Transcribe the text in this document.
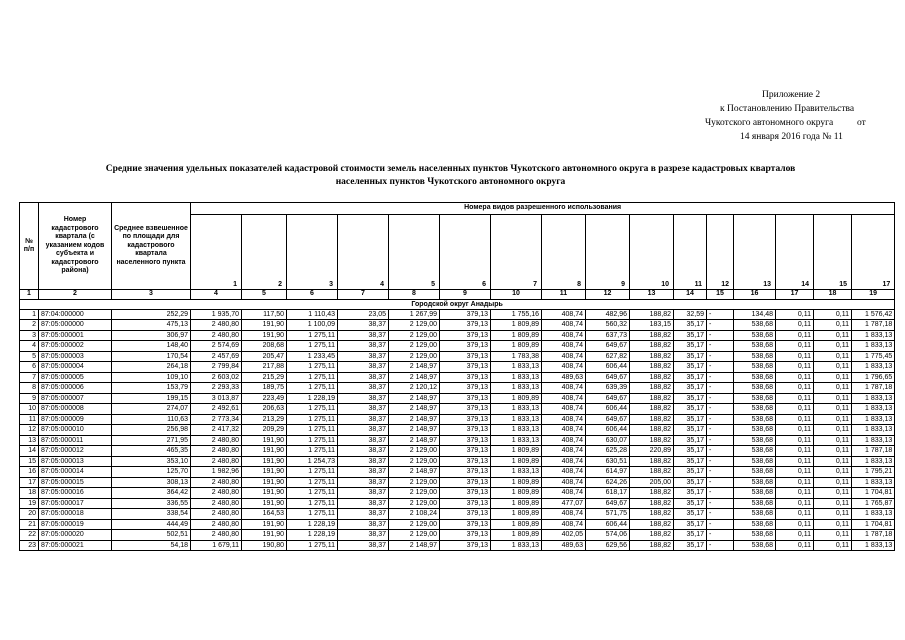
Приложение 2
к Постановлению Правительства
Чукотского автономного округа          от
14 января 2016 года № 11
Средние значения удельных показателей кадастровой стоимости земель населенных пунктов Чукотского автономного округа в разрезе кадастровых кварталов
населенных пунктов Чукотского автономного округа
№ п/п	Номер кадастрового квартала (с указанием кодов субъекта и кадастрового района)	Среднее взвешенное по площади для кадастрового квартала населенного пункта	Номера видов разрешенного использования															
			1	2	3	4	5	6	7	8	9	10	11	12	13	14	15	17
1	2	3	4	5	6	7	8	9	10	11	12	13	14	15	16	17	18	19
Городской округ Анадырь																		
1	87:04:000000	252,29	1 935,70	117,50	1 110,43	23,05	1 267,99	379,13	1 755,16	408,74	482,96	188,82	32,59	-	134,48	0,11	0,11	1 576,42
2	87:05:000000	475,13	2 480,80	191,90	1 100,09	38,37	2 129,00	379,13	1 809,89	408,74	560,32	183,15	35,17	-	538,68	0,11	0,11	1 787,18
3	87:05:000001	306,97	2 480,80	191,90	1 275,11	38,37	2 129,00	379,13	1 809,89	408,74	637,73	188,82	35,17	-	538,68	0,11	0,11	1 833,13
4	87:05:000002	148,40	2 574,69	208,68	1 275,11	38,37	2 129,00	379,13	1 809,89	408,74	649,67	188,82	35,17	-	538,68	0,11	0,11	1 833,13
5	87:05:000003	170,54	2 457,69	205,47	1 233,45	38,37	2 129,00	379,13	1 783,38	408,74	627,82	188,82	35,17	-	538,68	0,11	0,11	1 775,45
6	87:05:000004	264,18	2 799,84	217,88	1 275,11	38,37	2 148,97	379,13	1 833,13	408,74	606,44	188,82	35,17	-	538,68	0,11	0,11	1 833,13
7	87:05:000005	109,10	2 603,02	215,29	1 275,11	38,37	2 148,97	379,13	1 833,13	489,63	649,67	188,82	35,17	-	538,68	0,11	0,11	1 796,65
8	87:05:000006	153,79	2 293,33	189,75	1 275,11	38,37	2 120,12	379,13	1 833,13	408,74	639,39	188,82	35,17	-	538,68	0,11	0,11	1 787,18
9	87:05:000007	199,15	3 013,87	223,49	1 228,19	38,37	2 148,97	379,13	1 809,89	408,74	649,67	188,82	35,17	-	538,68	0,11	0,11	1 833,13
10	87:05:000008	274,07	2 492,61	206,63	1 275,11	38,37	2 148,97	379,13	1 833,13	408,74	606,44	188,82	35,17	-	538,68	0,11	0,11	1 833,13
11	87:05:000009	110,63	2 773,34	213,29	1 275,11	38,37	2 148,97	379,13	1 833,13	408,74	649,67	188,82	35,17	-	538,68	0,11	0,11	1 833,13
12	87:05:000010	256,98	2 417,32	209,29	1 275,11	38,37	2 148,97	379,13	1 833,13	408,74	606,44	188,82	35,17	-	538,68	0,11	0,11	1 833,13
13	87:05:000011	271,95	2 480,80	191,90	1 275,11	38,37	2 148,97	379,13	1 833,13	408,74	630,07	188,82	35,17	-	538,68	0,11	0,11	1 833,13
14	87:05:000012	465,35	2 480,80	191,90	1 275,11	38,37	2 129,00	379,13	1 809,89	408,74	625,28	220,89	35,17	-	538,68	0,11	0,11	1 787,18
15	87:05:000013	353,10	2 480,80	191,90	1 254,73	38,37	2 129,00	379,13	1 809,89	408,74	630,51	188,82	35,17	-	538,68	0,11	0,11	1 833,13
16	87:05:000014	125,70	1 982,96	191,90	1 275,11	38,37	2 148,97	379,13	1 833,13	408,74	614,97	188,82	35,17	-	538,68	0,11	0,11	1 795,21
17	87:05:000015	308,13	2 480,80	191,90	1 275,11	38,37	2 129,00	379,13	1 809,89	408,74	624,26	205,00	35,17	-	538,68	0,11	0,11	1 833,13
18	87:05:000016	364,42	2 480,80	191,90	1 275,11	38,37	2 129,00	379,13	1 809,89	408,74	618,17	188,82	35,17	-	538,68	0,11	0,11	1 704,81
19	87:05:000017	336,55	2 480,80	191,90	1 275,11	38,37	2 129,00	379,13	1 809,89	477,07	649,67	188,82	35,17	-	538,68	0,11	0,11	1 765,87
20	87:05:000018	338,54	2 480,80	164,53	1 275,11	38,37	2 108,24	379,13	1 809,89	408,74	571,75	188,82	35,17	-	538,68	0,11	0,11	1 833,13
21	87:05:000019	444,49	2 480,80	191,90	1 228,19	38,37	2 129,00	379,13	1 809,89	408,74	606,44	188,82	35,17	-	538,68	0,11	0,11	1 704,81
22	87:05:000020	502,51	2 480,80	191,90	1 228,19	38,37	2 129,00	379,13	1 809,89	402,05	574,06	188,82	35,17	-	538,68	0,11	0,11	1 787,18
23	87:05:000021	54,18	1 679,11	190,80	1 275,11	38,37	2 148,97	379,13	1 833,13	489,63	629,56	188,82	35,17	-	538,68	0,11	0,11	1 833,13
